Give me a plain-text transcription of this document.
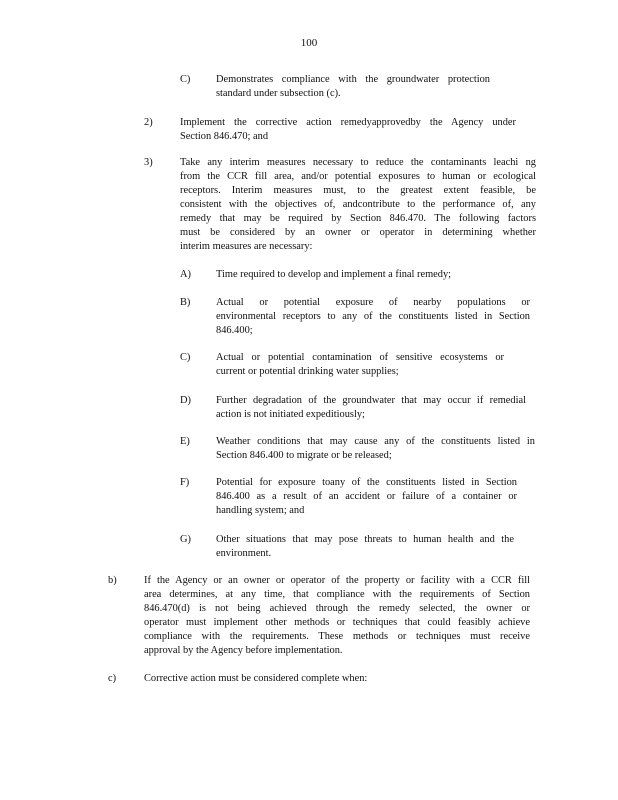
100
C) Demonstrates compliance with the groundwater protection
standard under subsection (c).
2)	Implement the corrective action remedyapprovedby the Agency under
Section 846.470; and
3)	Take any interim measures necessary to reduce the contaminants leachi ng
from the CCR fill area, and/or potential exposures to human or ecological
receptors. Interim measures must, to the greatest extent feasible, be
consistent with the objectives of, andcontribute to the performance of, any
remedy that may be required by Section 846.470. The following factors
must be considered by an owner or operator in determining whether
interim measures are necessary:
A) Time required to develop and implement a final remedy;
B) Actual or potential exposure of nearby populations or
environmental receptors to any of the constituents listed in Section
846.400;
C) Actual or potential contamination of sensitive ecosystems or
current or potential drinking water supplies;
D) Further degradation of the groundwater that may occur if remedial
action is not initiated expeditiously;
E)	Weather conditions that may cause any of the constituents listed in
Section 846.400 to migrate or be released;
F)	Potential for exposure toany of the constituents listed in Section
846.400 as a result of an accident or failure of a container or
handling system; and
G) Other situations that may pose threats to human health and the
environment.
b)	If the Agency or an owner or operator of the property or facility with a CCR fill
area determines, at any time, that compliance with the requirements of Section
846.470(d) is not being achieved through the remedy selected, the owner or
operator must implement other methods or techniques that could feasibly achieve
compliance with the requirements. These methods or techniques must receive
approval by the Agency before implementation.
c)	Corrective action must be considered complete when:
